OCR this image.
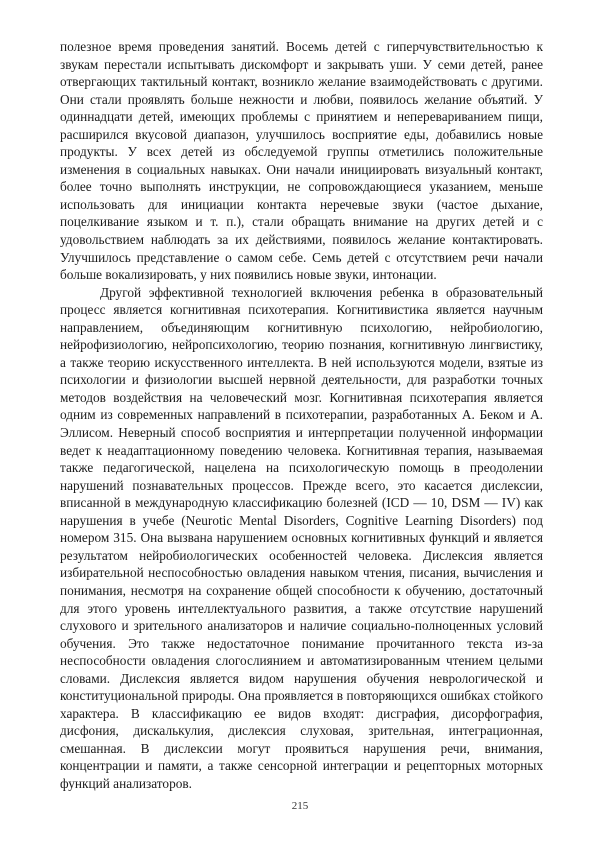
полезное время проведения занятий. Восемь детей с гиперчувствительностью к звукам перестали испытывать дискомфорт и закрывать уши. У семи детей, ранее отвергающих тактильный контакт, возникло желание взаимодействовать с другими. Они стали проявлять больше нежности и любви, появилось желание объятий. У одиннадцати детей, имеющих проблемы с принятием и неперевариванием пищи, расширился вкусовой диапазон, улучшилось восприятие еды, добавились новые продукты. У всех детей из обследуемой группы отметились положительные изменения в социальных навыках. Они начали инициировать визуальный контакт, более точно выполнять инструкции, не сопровождающиеся указанием, меньше использовать для инициации контакта неречевые звуки (частое дыхание, поцелкивание языком и т. п.), стали обращать внимание на других детей и с удовольствием наблюдать за их действиями, появилось желание контактировать. Улучшилось представление о самом себе. Семь детей с отсутствием речи начали больше вокализировать, у них появились новые звуки, интонации.

Другой эффективной технологией включения ребенка в образовательный процесс является когнитивная психотерапия. Когнитивистика является научным направлением, объединяющим когнитивную психологию, нейробиологию, нейрофизиологию, нейропсихологию, теорию познания, когнитивную лингвистику, а также теорию искусственного интеллекта. В ней используются модели, взятые из психологии и физиологии высшей нервной деятельности, для разработки точных методов воздействия на человеческий мозг. Когнитивная психотерапия является одним из современных направлений в психотерапии, разработанных А. Беком и А. Эллисом. Неверный способ восприятия и интерпретации полученной информации ведет к неадаптационному поведению человека. Когнитивная терапия, называемая также педагогической, нацелена на психологическую помощь в преодолении нарушений познавательных процессов. Прежде всего, это касается дислексии, вписанной в международную классификацию болезней (ICD — 10, DSM — IV) как нарушения в учебе (Neurotic Mental Disorders, Cognitive Learning Disorders) под номером 315. Она вызвана нарушением основных когнитивных функций и является результатом нейробиологических особенностей человека. Дислексия является избирательной неспособностью овладения навыком чтения, писания, вычисления и понимания, несмотря на сохранение общей способности к обучению, достаточный для этого уровень интеллектуального развития, а также отсутствие нарушений слухового и зрительного анализаторов и наличие социально-полноценных условий обучения. Это также недостаточное понимание прочитанного текста из-за неспособности овладения слогослиянием и автоматизированным чтением целыми словами. Дислексия является видом нарушения обучения неврологической и конституциональной природы. Она проявляется в повторяющихся ошибках стойкого характера. В классификацию ее видов входят: дисграфия, дисорфография, дисфония, дискалькулия, дислексия слуховая, зрительная, интеграционная, смешанная. В дислексии могут проявиться нарушения речи, внимания, концентрации и памяти, а также сенсорной интеграции и рецепторных моторных функций анализаторов.

215
